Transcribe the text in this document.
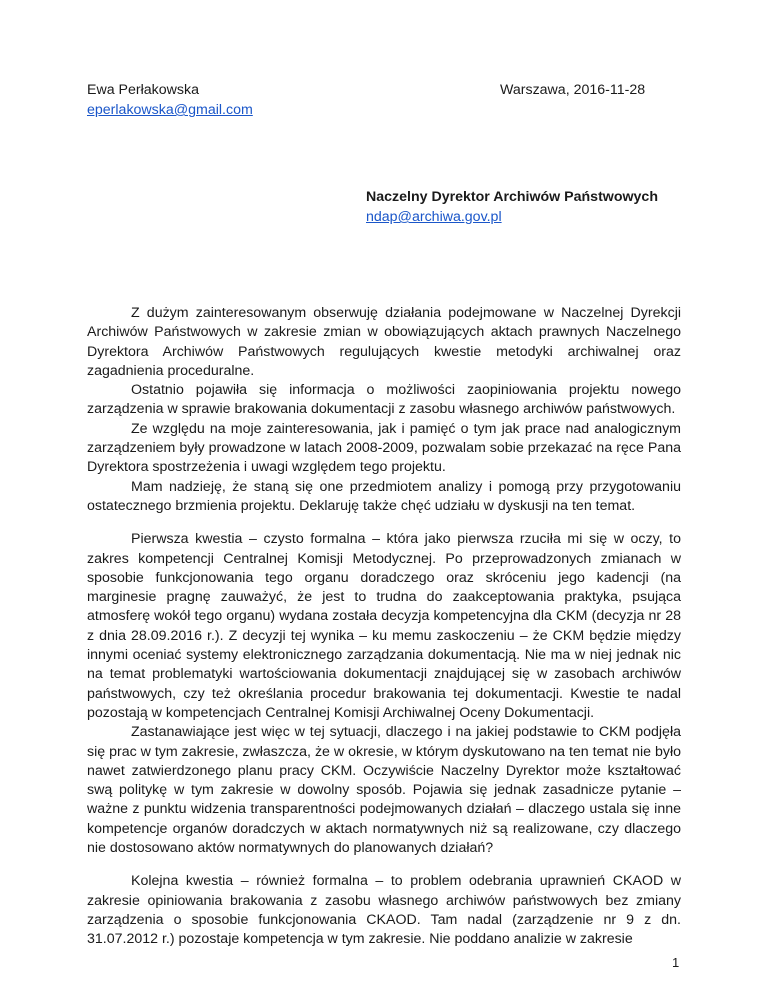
Ewa Perłakowska
eperlakowska@gmail.com
Warszawa, 2016-11-28
Naczelny Dyrektor Archiwów Państwowych
ndap@archiwa.gov.pl

Z dużym zainteresowanym obserwuję działania podejmowane w Naczelnej Dyrekcji Archiwów Państwowych w zakresie zmian w obowiązujących aktach prawnych Naczelnego Dyrektora Archiwów Państwowych regulujących kwestie metodyki archiwalnej oraz zagadnienia proceduralne.

Ostatnio pojawiła się informacja o możliwości zaopiniowania projektu nowego zarządzenia w sprawie brakowania dokumentacji z zasobu własnego archiwów państwowych.

Ze względu na moje zainteresowania, jak i pamięć o tym jak prace nad analogicznym zarządzeniem były prowadzone w latach 2008-2009, pozwalam sobie przekazać na ręce Pana Dyrektora spostrzeżenia i uwagi względem tego projektu.

Mam nadzieję, że staną się one przedmiotem analizy i pomogą przy przygotowaniu ostatecznego brzmienia projektu. Deklaruję także chęć udziału w dyskusji na ten temat.

Pierwsza kwestia – czysto formalna – która jako pierwsza rzuciła mi się w oczy, to zakres kompetencji Centralnej Komisji Metodycznej. Po przeprowadzonych zmianach w sposobie funkcjonowania tego organu doradczego oraz skróceniu jego kadencji (na marginesie pragnę zauważyć, że jest to trudna do zaakceptowania praktyka, psująca atmosferę wokół tego organu) wydana została decyzja kompetencyjna dla CKM (decyzja nr 28 z dnia 28.09.2016 r.). Z decyzji tej wynika – ku memu zaskoczeniu – że CKM będzie między innymi oceniać systemy elektronicznego zarządzania dokumentacją. Nie ma w niej jednak nic na temat problematyki wartościowania dokumentacji znajdującej się w zasobach archiwów państwowych, czy też określania procedur brakowania tej dokumentacji. Kwestie te nadal pozostają w kompetencjach Centralnej Komisji Archiwalnej Oceny Dokumentacji.

Zastanawiające jest więc w tej sytuacji, dlaczego i na jakiej podstawie to CKM podjęła się prac w tym zakresie, zwłaszcza, że w okresie, w którym dyskutowano na ten temat nie było nawet zatwierdzonego planu pracy CKM. Oczywiście Naczelny Dyrektor może kształtować swą politykę w tym zakresie w dowolny sposób. Pojawia się jednak zasadnicze pytanie – ważne z punktu widzenia transparentności podejmowanych działań – dlaczego ustala się inne kompetencje organów doradczych w aktach normatywnych niż są realizowane, czy dlaczego nie dostosowano aktów normatywnych do planowanych działań?

Kolejna kwestia – również formalna – to problem odebrania uprawnień CKAOD w zakresie opiniowania brakowania z zasobu własnego archiwów państwowych bez zmiany zarządzenia o sposobie funkcjonowania CKAOD. Tam nadal (zarządzenie nr 9 z dn. 31.07.2012 r.) pozostaje kompetencja w tym zakresie. Nie poddano analizie w zakresie

1
